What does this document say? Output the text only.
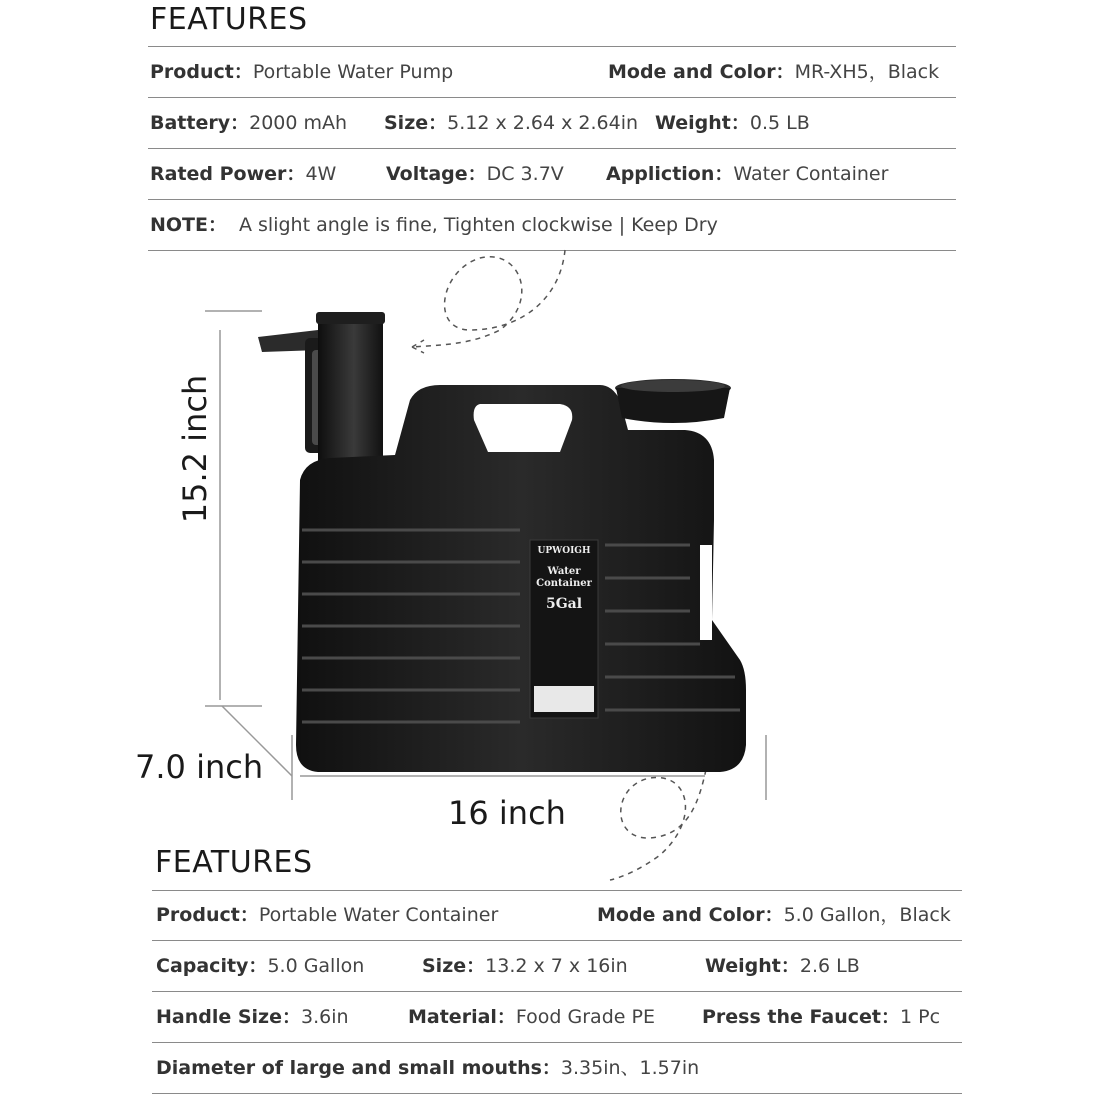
FEATURES
Product：Portable Water Pump	Mode and Color：MR-XH5，Black
Battery：2000 mAh Size：5.12 x 2.64 x 2.64in Weight：0.5 LB
Rated Power：4W	Voltage：DC 3.7V Appliction：Water Container
NOTE： A slight angle is fine, Tighten clockwise | Keep Dry
UPWOIGH
Water
Container
5Gal
15.2 inch
7.0 inch
16 inch
FEATURES
Product：Portable Water Container	Mode and Color：5.0 Gallon，Black
Capacity：5.0 Gallon	Size：13.2 x 7 x 16in	Weight：2.6 LB
Handle Size：3.6in	Material：Food Grade PE Press the Faucet：1 Pc
Diameter of large and small mouths：3.35in、1.57in
